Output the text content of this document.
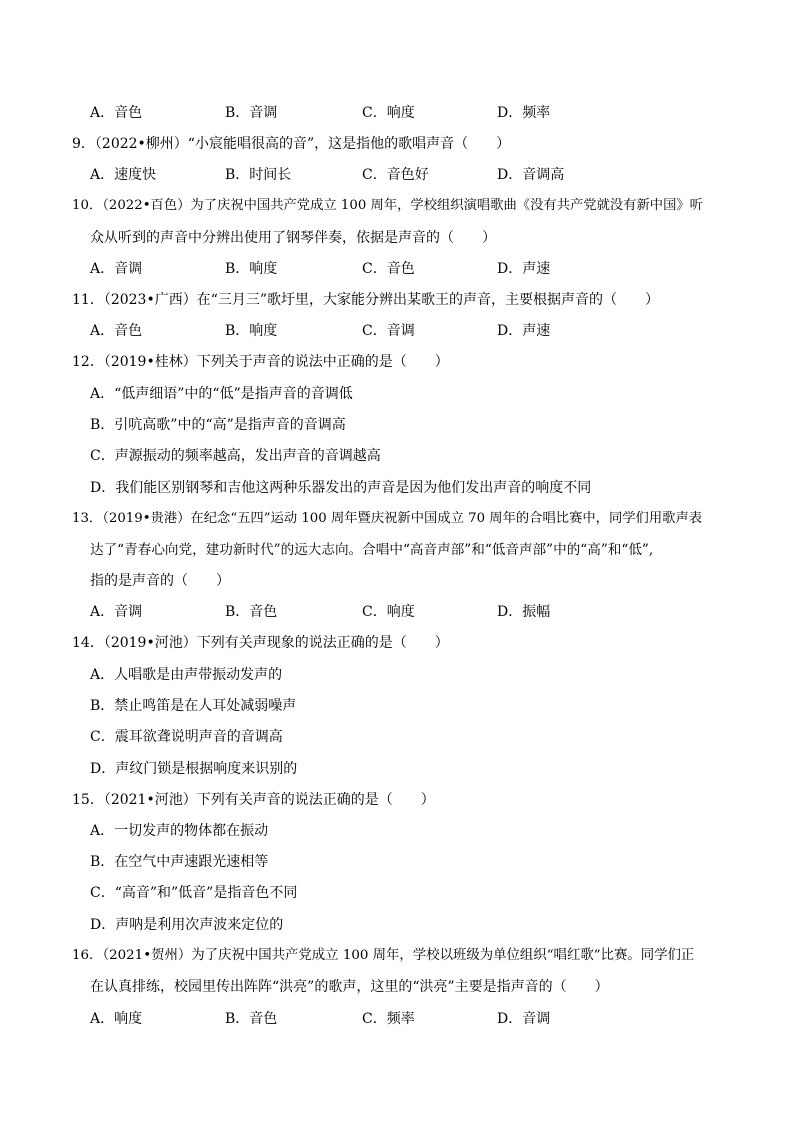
A．音色	B．音调	C．响度	D．频率
9．（2022•柳州）“小宸能唱很高的音”，这是指他的歌唱声音（　　）
A．速度快	B．时间长	C．音色好	D．音调高
10．（2022•百色）为了庆祝中国共产党成立 100 周年，学校组织演唱歌曲《没有共产党就没有新中国》听
众从听到的声音中分辨出使用了钢琴伴奏，依据是声音的（　　）
A．音调	B．响度	C．音色	D．声速
11．（2023•广西）在“三月三”歌圩里，大家能分辨出某歌王的声音，主要根据声音的（　　）
A．音色	B．响度	C．音调	D．声速
12．（2019•桂林）下列关于声音的说法中正确的是（　　）
A．“低声细语”中的“低”是指声音的音调低
B．引吭高歌”中的“高”是指声音的音调高
C．声源振动的频率越高，发出声音的音调越高
D．我们能区别钢琴和吉他这两种乐器发出的声音是因为他们发出声音的响度不同
13．（2019•贵港）在纪念“五四”运动 100 周年暨庆祝新中国成立 70 周年的合唱比赛中，同学们用歌声表
达了“青春心向党，建功新时代”的远大志向。合唱中“高音声部”和“低音声部”中的“高”和“低”,
指的是声音的（　　）
A．音调	B．音色	C．响度	D．振幅
14．（2019•河池）下列有关声现象的说法正确的是（　　）
A．人唱歌是由声带振动发声的
B．禁止鸣笛是在人耳处减弱噪声
C．震耳欲聋说明声音的音调高
D．声纹门锁是根据响度来识别的
15．（2021•河池）下列有关声音的说法正确的是（　　）
A．一切发声的物体都在振动
B．在空气中声速跟光速相等
C．“高音”和”低音”是指音色不同
D．声呐是利用次声波来定位的
16．（2021•贺州）为了庆祝中国共产党成立 100 周年，学校以班级为单位组织“唱红歌”比赛。同学们正
在认真排练，校园里传出阵阵“洪亮”的歌声，这里的“洪亮”主要是指声音的（　　）
A．响度	B．音色	C．频率	D．音调
